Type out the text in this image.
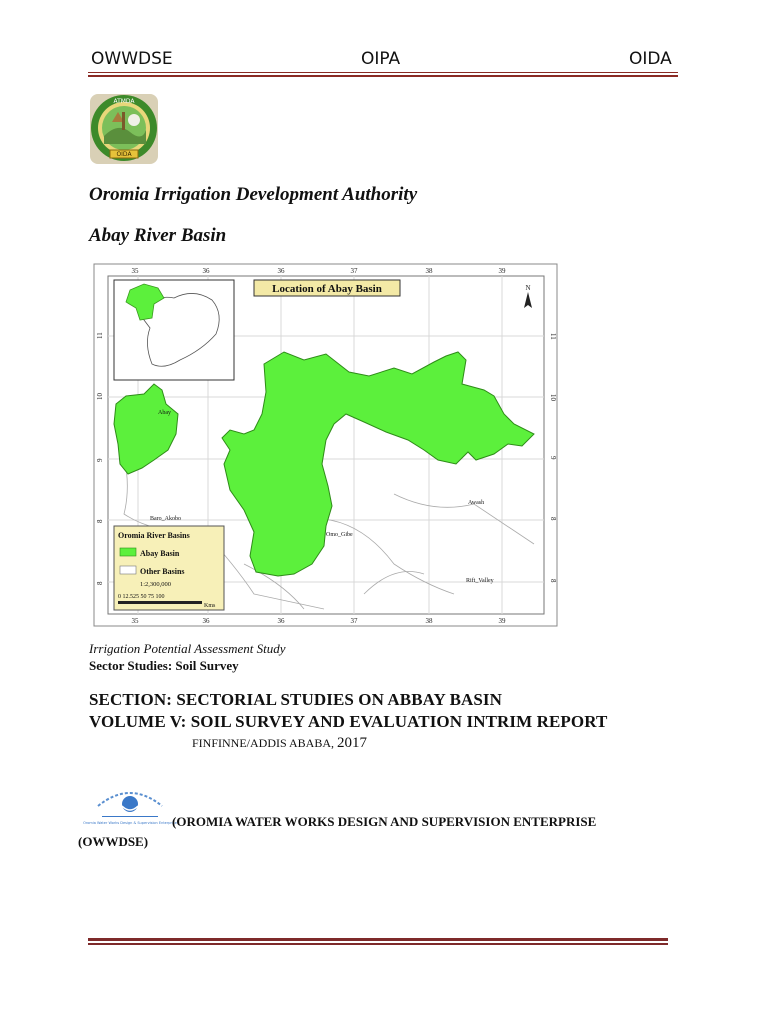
OWWDSE	OIPA	OIDA
OIDA
ATMDA
Oromia Irrigation Development Authority
Abay River Basin
35	36	36	37	38	39
35	36	36	37	38	39
11
10
9
8
8
11
10
9
8
8
Location of Abay Basin	N
Abay
Baro_Akobo
Omo_Gibe
Awash
Rift_Valley
Oromia River Basins
Abay Basin
Other Basins
1:2,300,000
0 12.525 50 75 100
Kms
Irrigation Potential Assessment Study
Sector Studies: Soil Survey
SECTION: SECTORIAL STUDIES ON ABBAY BASIN
VOLUME V: SOIL SURVEY AND EVALUATION INTRIM REPORT
FINFINNE/ADDIS ABABA, 2017
Oromia Water Works Design & Supervision Enterprise
(OROMIA WATER WORKS DESIGN AND SUPERVISION ENTERPRISE
(OWWDSE)
